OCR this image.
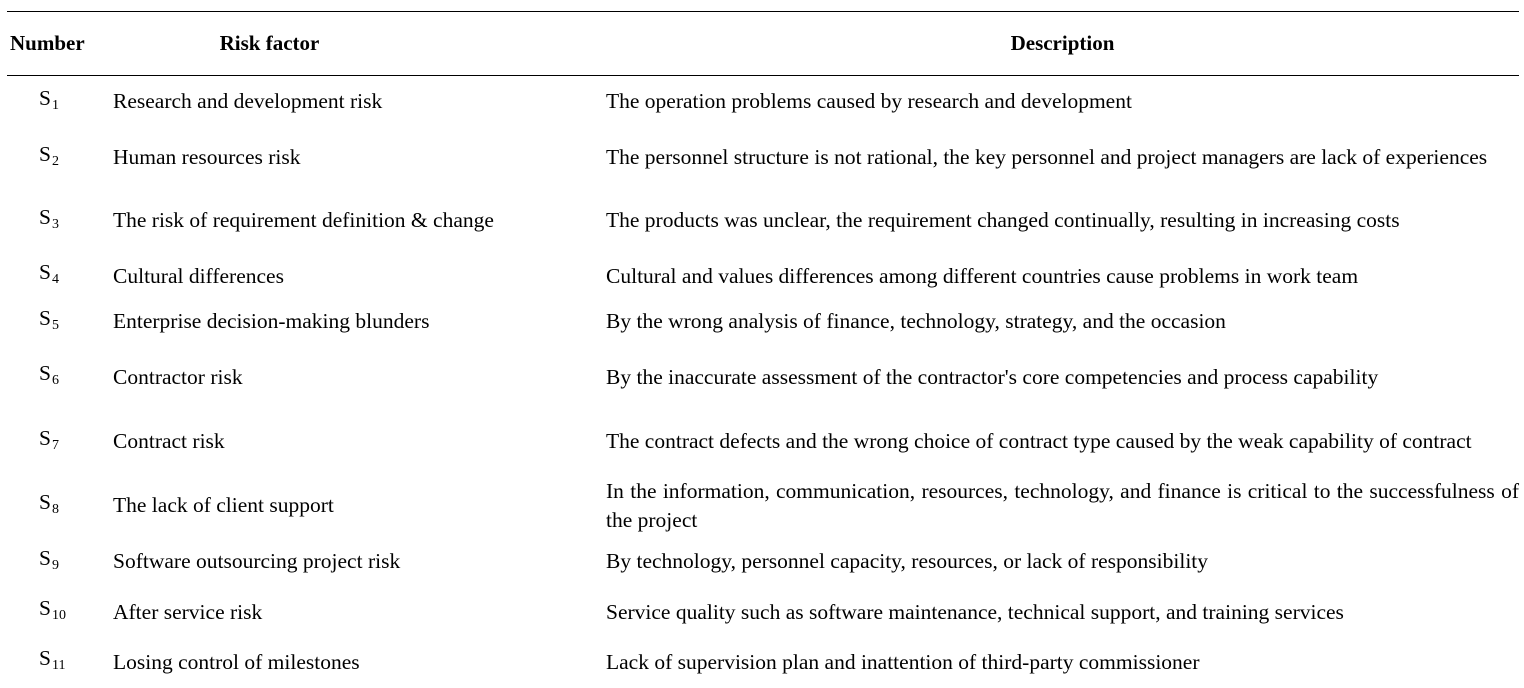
Number	Risk factor	Description
$S_1$	Research and development risk	The operation problems caused by research and development
$S_2$	Human resources risk	The personnel structure is not rational, the key personnel and project managers are lack of experiences
$S_3$	The risk of requirement definition & change	The products was unclear, the requirement changed continually, resulting in increasing costs
$S_4$	Cultural differences	Cultural and values differences among different countries cause problems in work team
$S_5$	Enterprise decision-making blunders	By the wrong analysis of finance, technology, strategy, and the occasion
$S_6$	Contractor risk	By the inaccurate assessment of the contractor's core competencies and process capability
$S_7$	Contract risk	The contract defects and the wrong choice of contract type caused by the weak capability of contract
$S_8$	The lack of client support	In the information, communication, resources, technology, and finance is critical to the successfulness of the project
$S_9$	Software outsourcing project risk	By technology, personnel capacity, resources, or lack of responsibility
$S_{10}$	After service risk	Service quality such as software maintenance, technical support, and training services
$S_{11}$	Losing control of milestones	Lack of supervision plan and inattention of third-party commissioner
